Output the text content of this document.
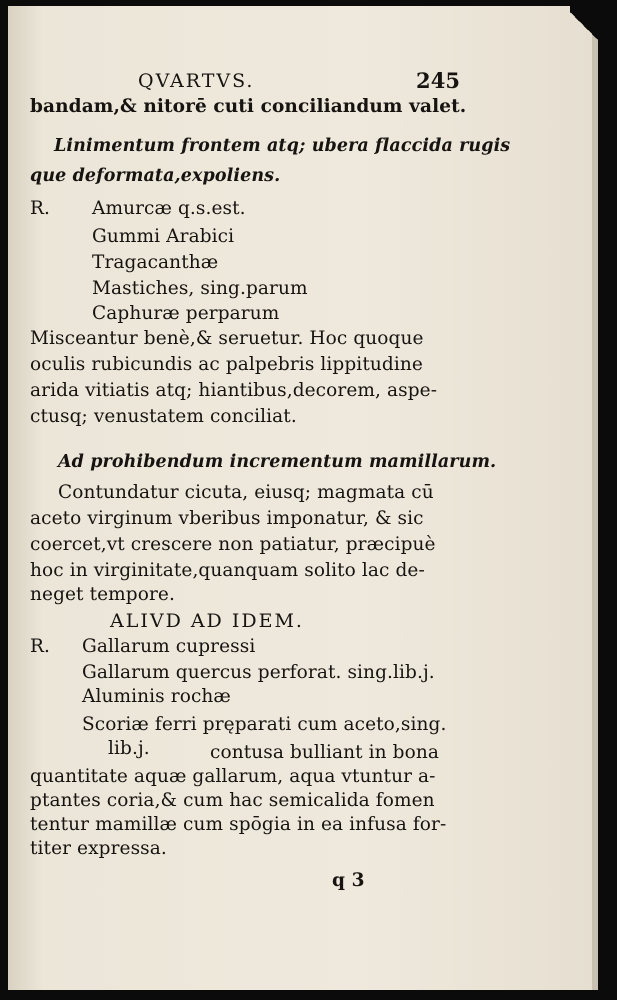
QVARTVS.	245
bandam,& nitorē cuti conciliandum valet.
Linimentum frontem atq; ubera flaccida rugis
que deformata,expoliens.
R. Amurcæ q.s.est.
Gummi Arabici
Tragacanthæ
Mastiches, sing.parum
Caphuræ perparum
Misceantur benè,& seruetur. Hoc quoque
oculis rubicundis ac palpebris lippitudine
arida vitiatis atq; hiantibus,decorem, aspe-
ctusq; venustatem conciliat.
Ad prohibendum incrementum mamillarum.
Contundatur cicuta, eiusq; magmata cū
aceto virginum vberibus imponatur, & sic
coercet,vt crescere non patiatur, præcipuè
hoc in virginitate,quanquam solito lac de-
neget tempore.
ALIVD AD IDEM.
R. Gallarum cupressi
Gallarum quercus perforat. sing.lib.j.
Aluminis rochæ
Scoriæ ferri pręparati cum aceto,sing.
lib.j.	contusa bulliant in bona
quantitate aquæ gallarum, aqua vtuntur a-
ptantes coria,& cum hac semicalida fomen
tentur mamillæ cum spōgia in ea infusa for-
titer expressa.
q 3
